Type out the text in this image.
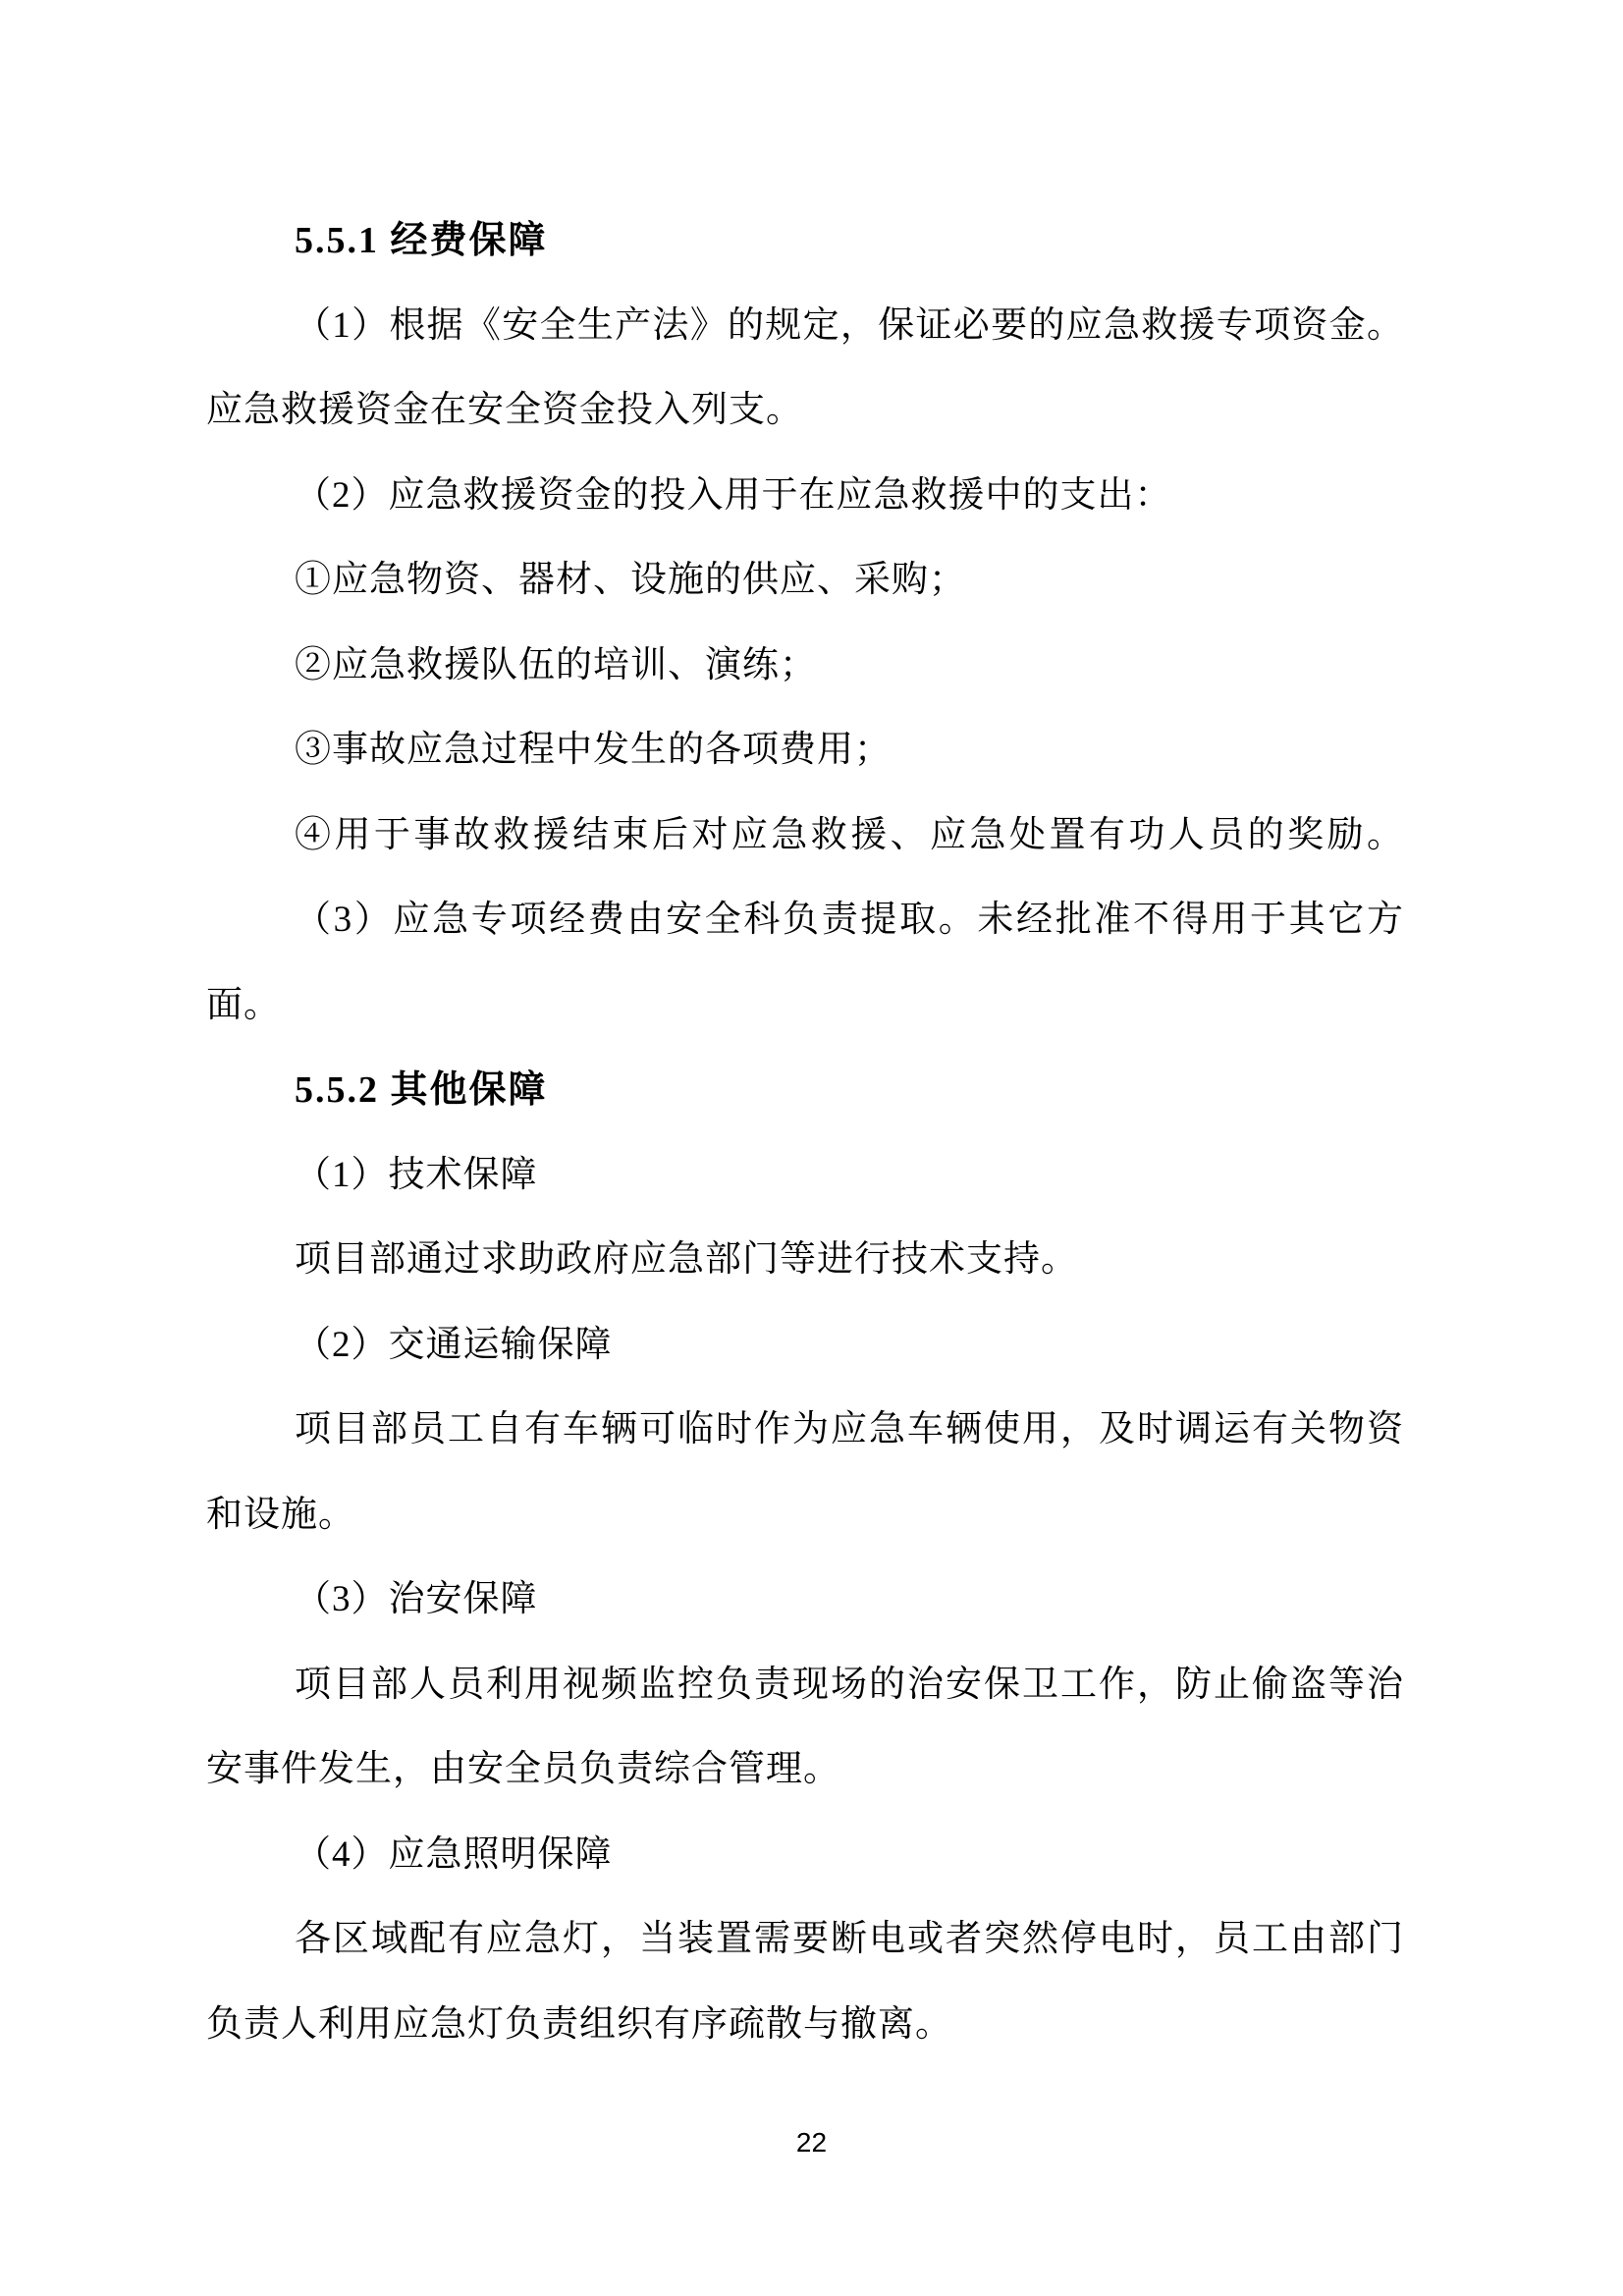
5.5.1 经费保障
（1）根据《安全生产法》的规定，保证必要的应急救援专项资金。
应急救援资金在安全资金投入列支。
（2）应急救援资金的投入用于在应急救援中的支出：
①应急物资、器材、设施的供应、采购；
②应急救援队伍的培训、演练；
③事故应急过程中发生的各项费用；
④用于事故救援结束后对应急救援、应急处置有功人员的奖励。
（3）应急专项经费由安全科负责提取。未经批准不得用于其它方
面。
5.5.2 其他保障
（1）技术保障
项目部通过求助政府应急部门等进行技术支持。
（2）交通运输保障
项目部员工自有车辆可临时作为应急车辆使用，及时调运有关物资
和设施。
（3）治安保障
项目部人员利用视频监控负责现场的治安保卫工作，防止偷盗等治
安事件发生，由安全员负责综合管理。
（4）应急照明保障
各区域配有应急灯，当装置需要断电或者突然停电时，员工由部门
负责人利用应急灯负责组织有序疏散与撤离。
22
